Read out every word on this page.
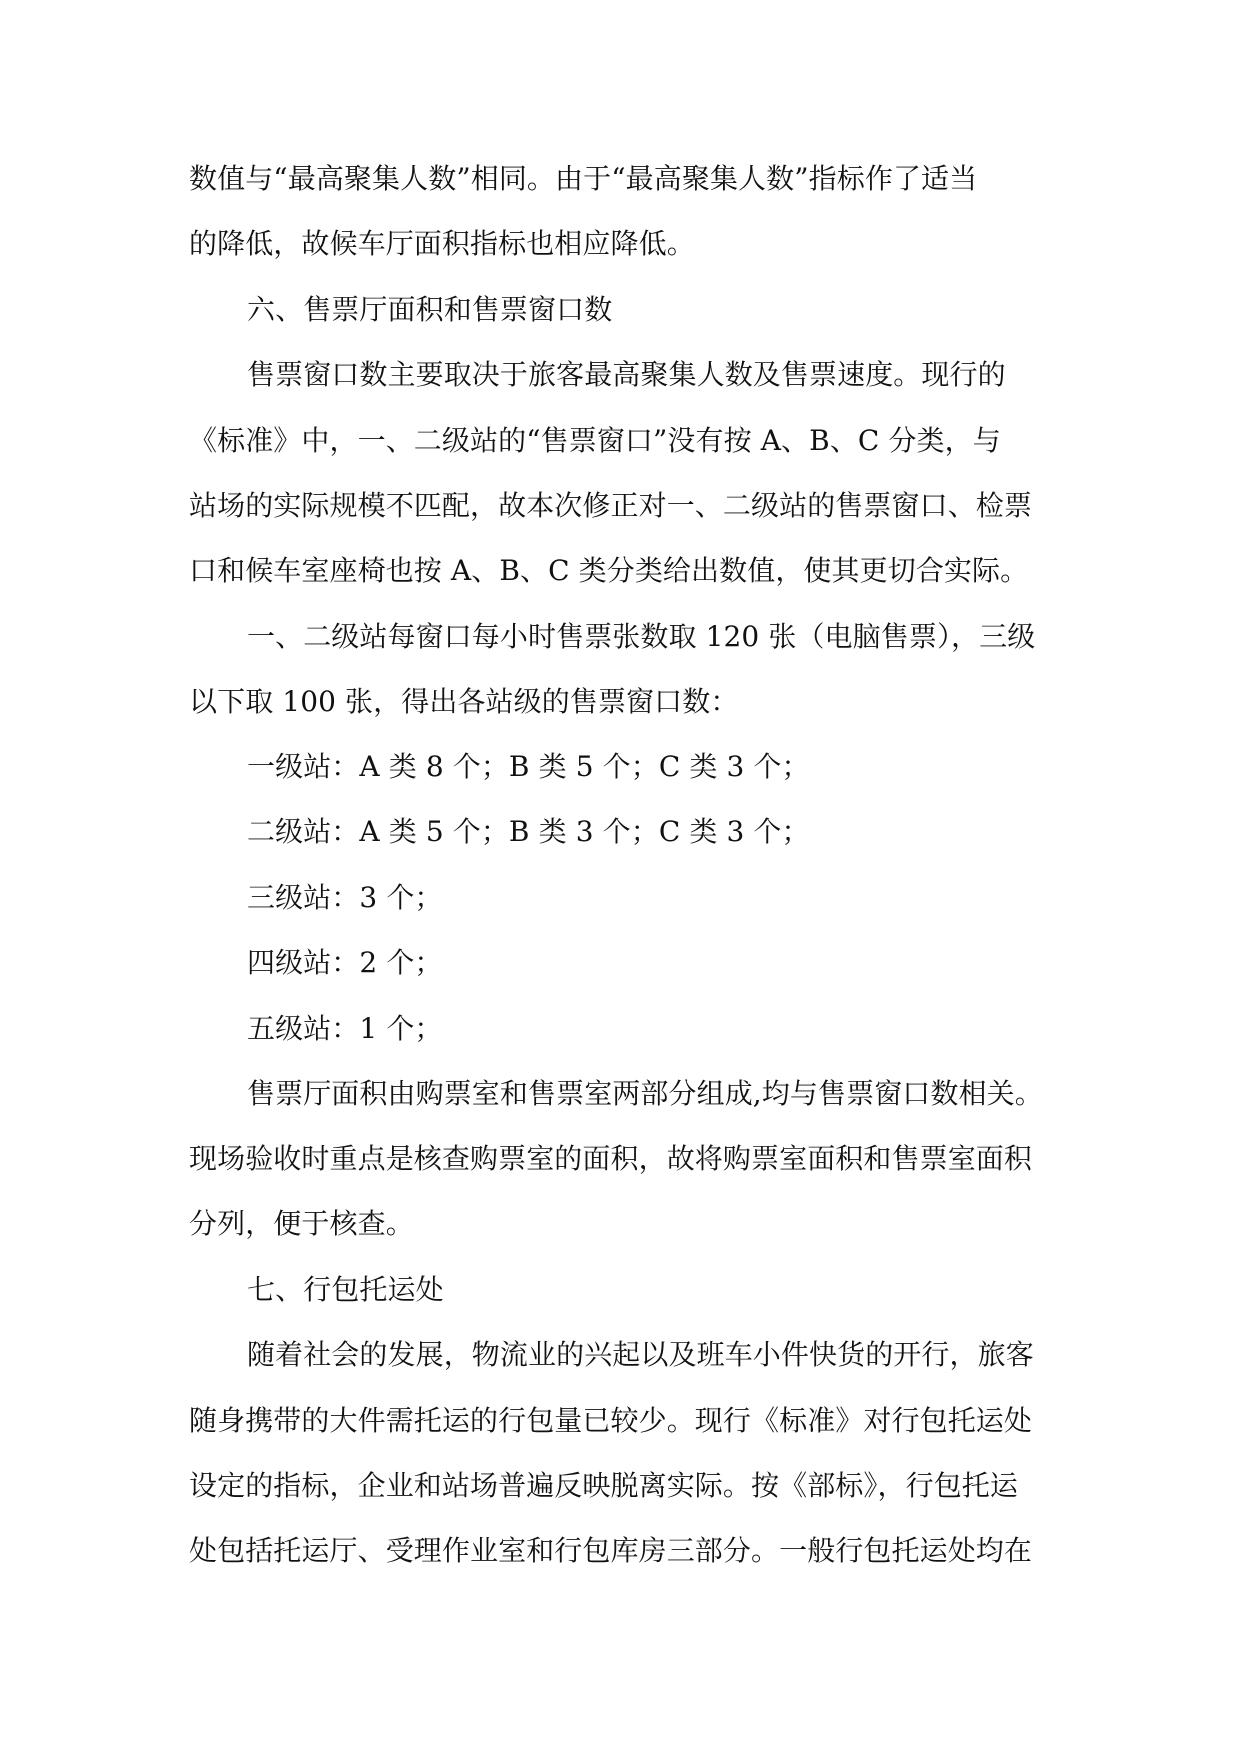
数值与“最高聚集人数”相同。由于“最高聚集人数”指标作了适当
的降低，故候车厅面积指标也相应降低。
六、售票厅面积和售票窗口数
售票窗口数主要取决于旅客最高聚集人数及售票速度。现行的
《标准》中，一、二级站的“售票窗口”没有按 A、B、C 分类，与
站场的实际规模不匹配，故本次修正对一、二级站的售票窗口、检票
口和候车室座椅也按 A、B、C 类分类给出数值，使其更切合实际。
一、二级站每窗口每小时售票张数取 120 张（电脑售票），三级
以下取 100 张，得出各站级的售票窗口数：
一级站：A 类 8 个；B 类 5 个；C 类 3 个；
二级站：A 类 5 个；B 类 3 个；C 类 3 个；
三级站：3 个；
四级站：2 个；
五级站：1 个；
售票厅面积由购票室和售票室两部分组成,均与售票窗口数相关。
现场验收时重点是核查购票室的面积，故将购票室面积和售票室面积
分列，便于核查。
七、行包托运处
随着社会的发展，物流业的兴起以及班车小件快货的开行，旅客
随身携带的大件需托运的行包量已较少。现行《标准》对行包托运处
设定的指标，企业和站场普遍反映脱离实际。按《部标》，行包托运
处包括托运厅、受理作业室和行包库房三部分。一般行包托运处均在
